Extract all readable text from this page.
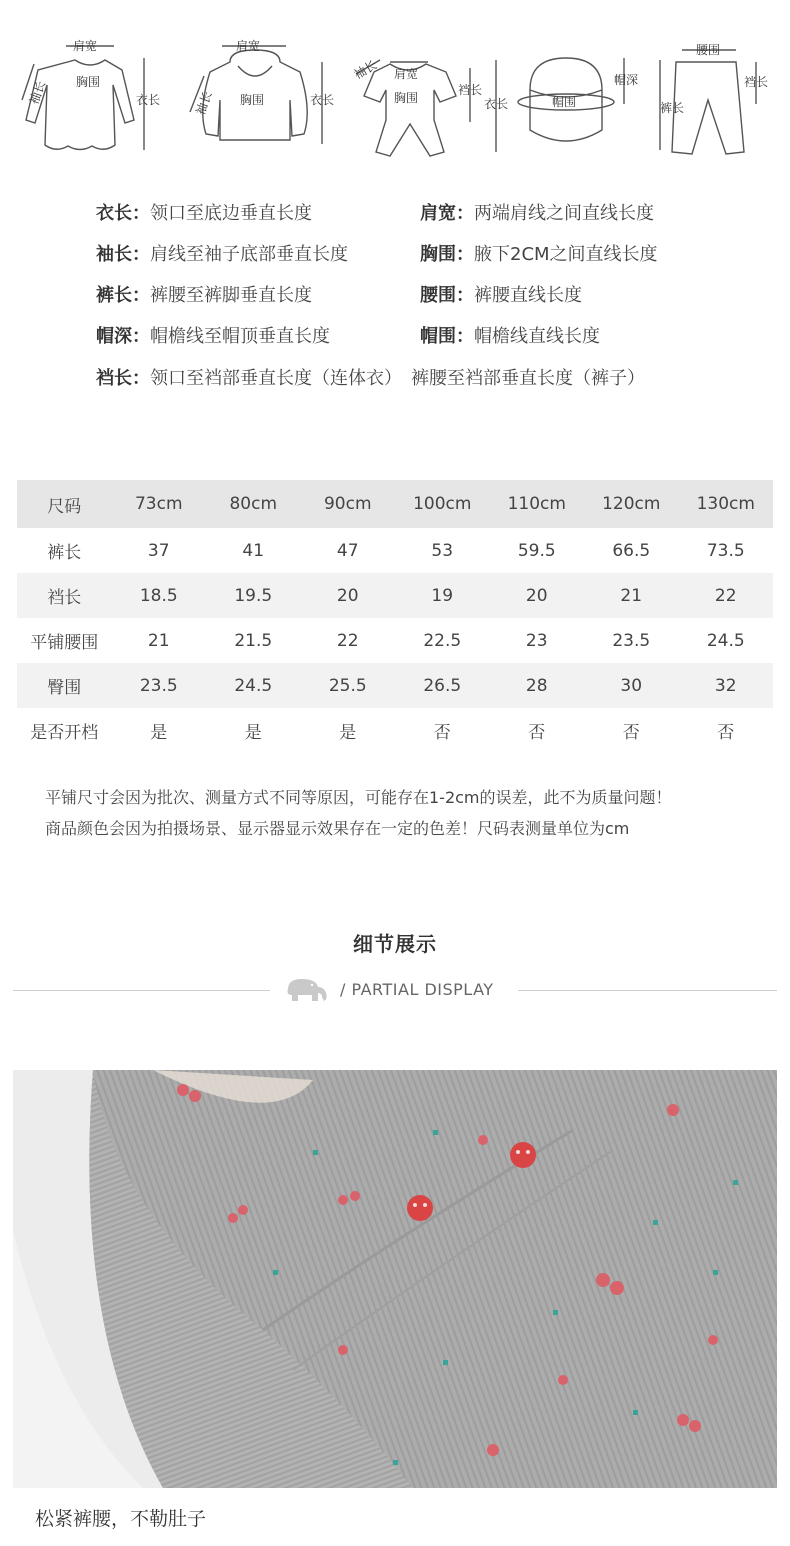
肩宽
胸围
袖长	衣长
肩宽
胸围
袖长	衣长
袖长 肩宽
胸围
裆长
衣长	帽围
帽深
腰围
裤长
裆长
衣长：领口至底边垂直长度	肩宽：两端肩线之间直线长度
袖长：肩线至袖子底部垂直长度	胸围：腋下2CM之间直线长度
裤长：裤腰至裤脚垂直长度	腰围：裤腰直线长度
帽深：帽檐线至帽顶垂直长度	帽围：帽檐线直线长度
裆长：领口至裆部垂直长度（连体衣）　裤腰至裆部垂直长度（裤子）
尺码	73cm	80cm	90cm	100cm	110cm	120cm	130cm
裤长	37	41	47	53	59.5	66.5	73.5
裆长	18.5	19.5	20	19	20	21	22
平铺腰围	21	21.5	22	22.5	23	23.5	24.5
臀围	23.5	24.5	25.5	26.5	28	30	32
是否开档	是	是	是	否	否	否	否
平铺尺寸会因为批次、测量方式不同等原因，可能存在1-2cm的误差，此不为质量问题！
商品颜色会因为拍摄场景、显示器显示效果存在一定的色差！尺码表测量单位为cm
细节展示
/ PARTIAL DISPLAY
松紧裤腰，不勒肚子
